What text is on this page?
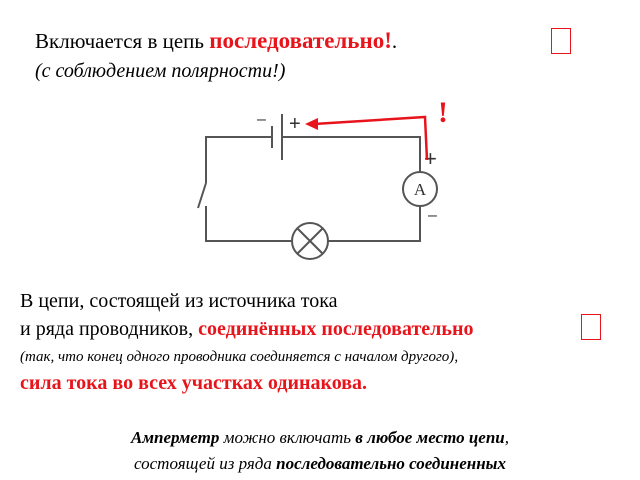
Включается в цепь последовательно!.
(с соблюдением полярности!)
– +
A
+
–
!
В цепи, состоящей из источника тока
и ряда проводников, соединённых последовательно
(так, что конец одного проводника соединяется с началом другого),
сила тока во всех участках одинакова.
Амперметр можно включать в любое место цепи,
состоящей из ряда последовательно соединенных
